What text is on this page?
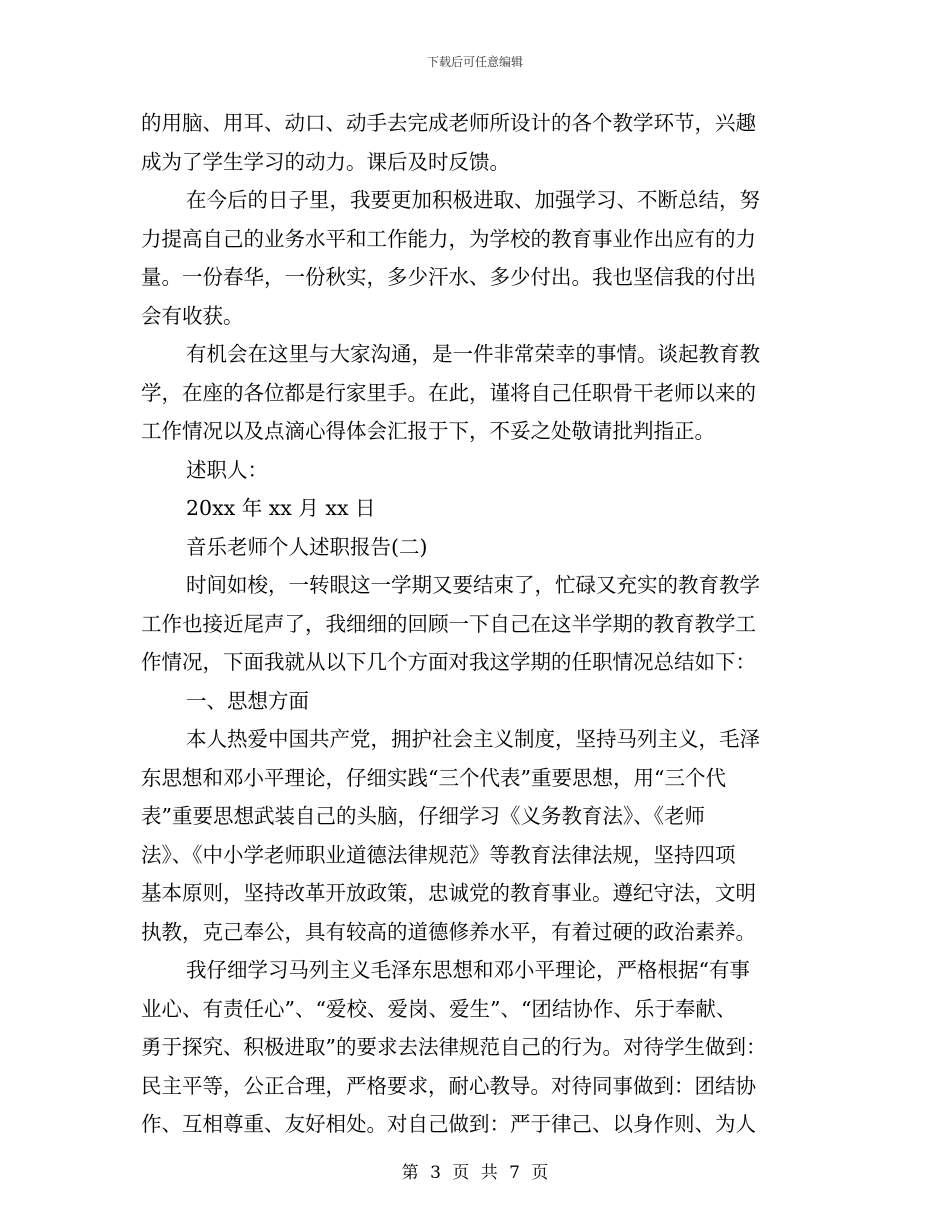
下载后可任意编辑
的用脑、用耳、动口、动手去完成老师所设计的各个教学环节，兴趣
成为了学生学习的动力。课后及时反馈。
在今后的日子里，我要更加积极进取、加强学习、不断总结，努
力提高自己的业务水平和工作能力，为学校的教育事业作出应有的力
量。一份春华，一份秋实，多少汗水、多少付出。我也坚信我的付出
会有收获。
有机会在这里与大家沟通，是一件非常荣幸的事情。谈起教育教
学，在座的各位都是行家里手。在此，谨将自己任职骨干老师以来的
工作情况以及点滴心得体会汇报于下，不妥之处敬请批判指正。
述职人：
20xx 年 xx 月 xx 日
音乐老师个人述职报告(二)
时间如梭，一转眼这一学期又要结束了，忙碌又充实的教育教学
工作也接近尾声了，我细细的回顾一下自己在这半学期的教育教学工
作情况，下面我就从以下几个方面对我这学期的任职情况总结如下：
一、思想方面
本人热爱中国共产党，拥护社会主义制度，坚持马列主义，毛泽
东思想和邓小平理论，仔细实践“三个代表”重要思想，用“三个代
表”重要思想武装自己的头脑，仔细学习《义务教育法》、《老师
法》、《中小学老师职业道德法律规范》等教育法律法规，坚持四项
基本原则，坚持改革开放政策，忠诚党的教育事业。遵纪守法，文明
执教，克己奉公，具有较高的道德修养水平，有着过硬的政治素养。
我仔细学习马列主义毛泽东思想和邓小平理论，严格根据“有事
业心、有责任心”、“爱校、爱岗、爱生”、“团结协作、乐于奉献、
勇于探究、积极进取”的要求去法律规范自己的行为。对待学生做到：
民主平等，公正合理，严格要求，耐心教导。对待同事做到：团结协
作、互相尊重、友好相处。对自己做到：严于律己、以身作则、为人
第 3 页 共 7 页
